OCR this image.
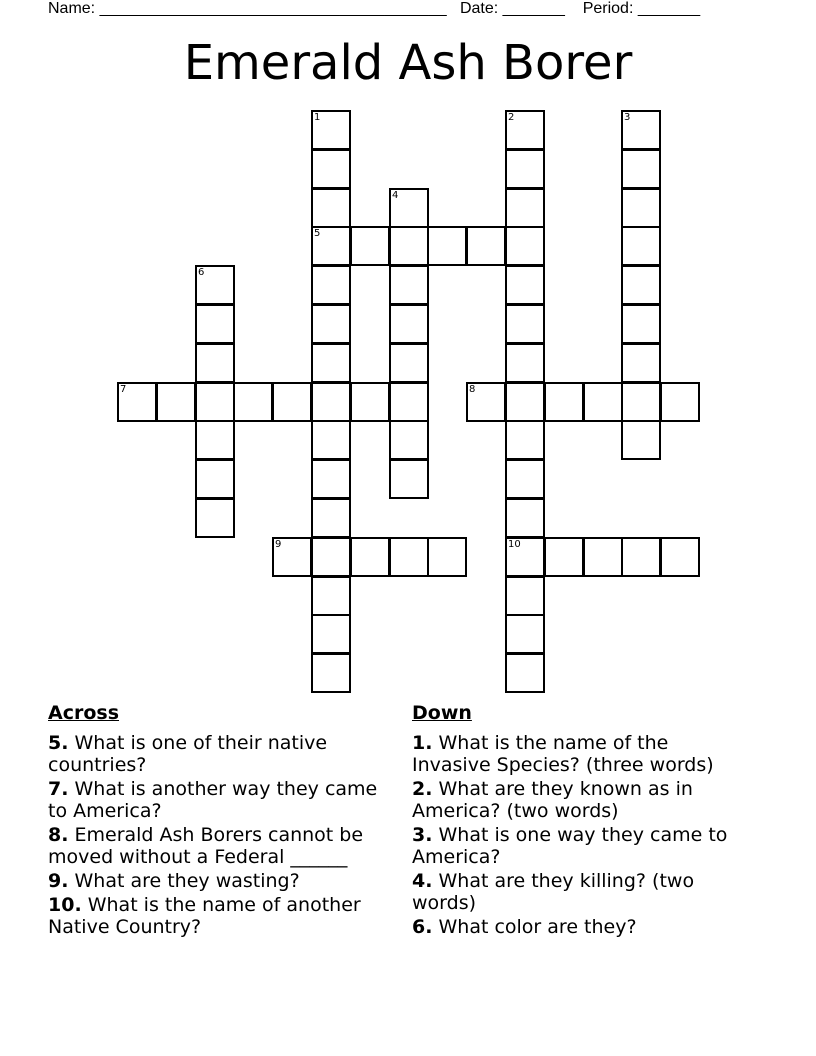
Name: _______________________________________   Date: _______    Period: _______
Emerald Ash Borer
1
5
2
10
3
4
6
7	8
9
Across
5. What is one of their native countries?
7. What is another way they came to America?
8. Emerald Ash Borers cannot be moved without a Federal ______
9. What are they wasting?
10. What is the name of another Native Country?
Down
1. What is the name of the Invasive Species? (three words)
2. What are they known as in America? (two words)
3. What is one way they came to America?
4. What are they killing? (two words)
6. What color are they?
